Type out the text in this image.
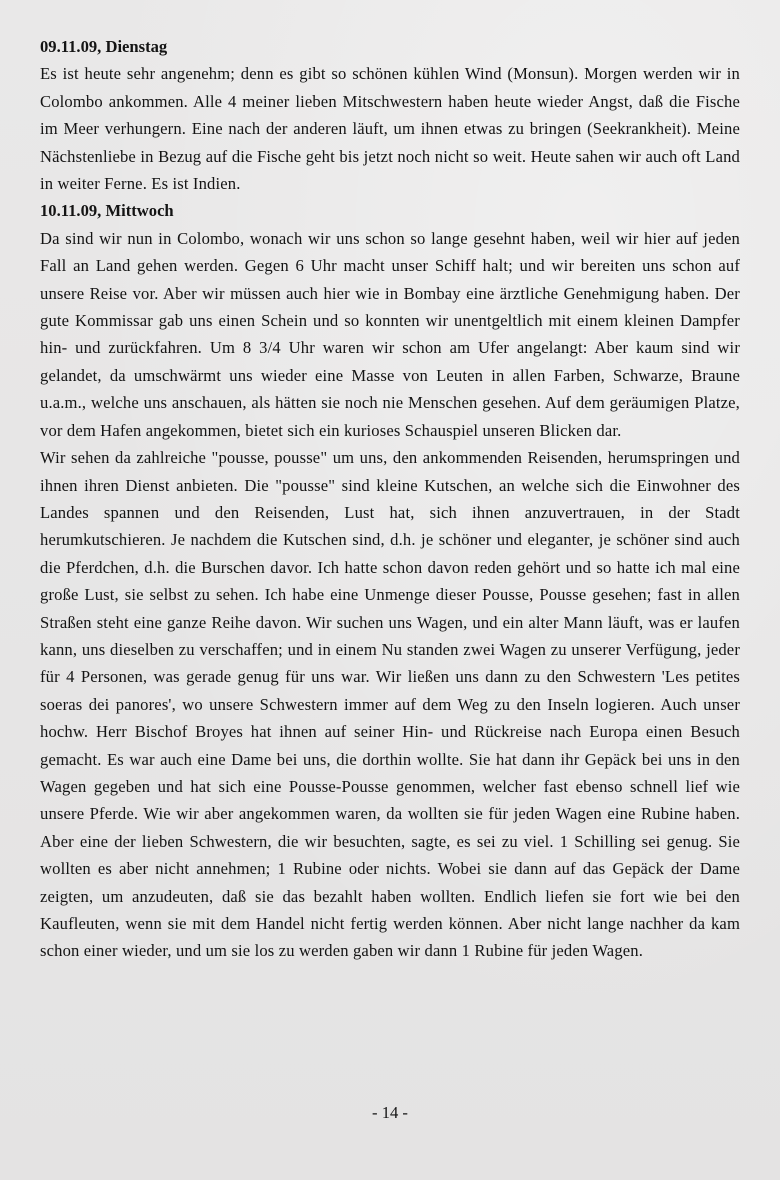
09.11.09, Dienstag

Es ist heute sehr angenehm; denn es gibt so schönen kühlen Wind (Monsun). Morgen werden wir in Colombo ankommen. Alle 4 meiner lieben Mitschwestern haben heute wieder Angst, daß die Fische im Meer verhungern. Eine nach der anderen läuft, um ihnen etwas zu bringen (Seekrankheit). Meine Nächstenliebe in Bezug auf die Fische geht bis jetzt noch nicht so weit. Heute sahen wir auch oft Land in weiter Ferne. Es ist Indien.

10.11.09, Mittwoch

Da sind wir nun in Colombo, wonach wir uns schon so lange gesehnt haben, weil wir hier auf jeden Fall an Land gehen werden. Gegen 6 Uhr macht unser Schiff halt; und wir bereiten uns schon auf unsere Reise vor. Aber wir müssen auch hier wie in Bombay eine ärztliche Genehmigung haben. Der gute Kommissar gab uns einen Schein und so konnten wir unentgeltlich mit einem kleinen Dampfer hin- und zurückfahren. Um 8 3/4 Uhr waren wir schon am Ufer angelangt: Aber kaum sind wir gelandet, da umschwärmt uns wieder eine Masse von Leuten in allen Farben, Schwarze, Braune u.a.m., welche uns anschauen, als hätten sie noch nie Menschen gesehen. Auf dem geräumigen Platze, vor dem Hafen angekommen, bietet sich ein kurioses Schauspiel unseren Blicken dar.

Wir sehen da zahlreiche "pousse, pousse" um uns, den ankommenden Reisenden, herumspringen und ihnen ihren Dienst anbieten. Die "pousse" sind kleine Kutschen, an welche sich die Einwohner des Landes spannen und den Reisenden, Lust hat, sich ihnen anzuvertrauen, in der Stadt herumkutschieren. Je nachdem die Kutschen sind, d.h. je schöner und eleganter, je schöner sind auch die Pferdchen, d.h. die Burschen davor. Ich hatte schon davon reden gehört und so hatte ich mal eine große Lust, sie selbst zu sehen. Ich habe eine Unmenge dieser Pousse, Pousse gesehen; fast in allen Straßen steht eine ganze Reihe davon. Wir suchen uns Wagen, und ein alter Mann läuft, was er laufen kann, uns dieselben zu verschaffen; und in einem Nu standen zwei Wagen zu unserer Verfügung, jeder für 4 Personen, was gerade genug für uns war. Wir ließen uns dann zu den Schwestern 'Les petites soeras dei panores', wo unsere Schwestern immer auf dem Weg zu den Inseln logieren. Auch unser hochw. Herr Bischof Broyes hat ihnen auf seiner Hin- und Rückreise nach Europa einen Besuch gemacht. Es war auch eine Dame bei uns, die dorthin wollte. Sie hat dann ihr Gepäck bei uns in den Wagen gegeben und hat sich eine Pousse-Pousse genommen, welcher fast ebenso schnell lief wie unsere Pferde. Wie wir aber angekommen waren, da wollten sie für jeden Wagen eine Rubine haben. Aber eine der lieben Schwestern, die wir besuchten, sagte, es sei zu viel. 1 Schilling sei genug. Sie wollten es aber nicht annehmen; 1 Rubine oder nichts. Wobei sie dann auf das Gepäck der Dame zeigten, um anzudeuten, daß sie das bezahlt haben wollten. Endlich liefen sie fort wie bei den Kaufleuten, wenn sie mit dem Handel nicht fertig werden können. Aber nicht lange nachher da kam schon einer wieder, und um sie los zu werden gaben wir dann 1 Rubine für jeden Wagen.

- 14 -
